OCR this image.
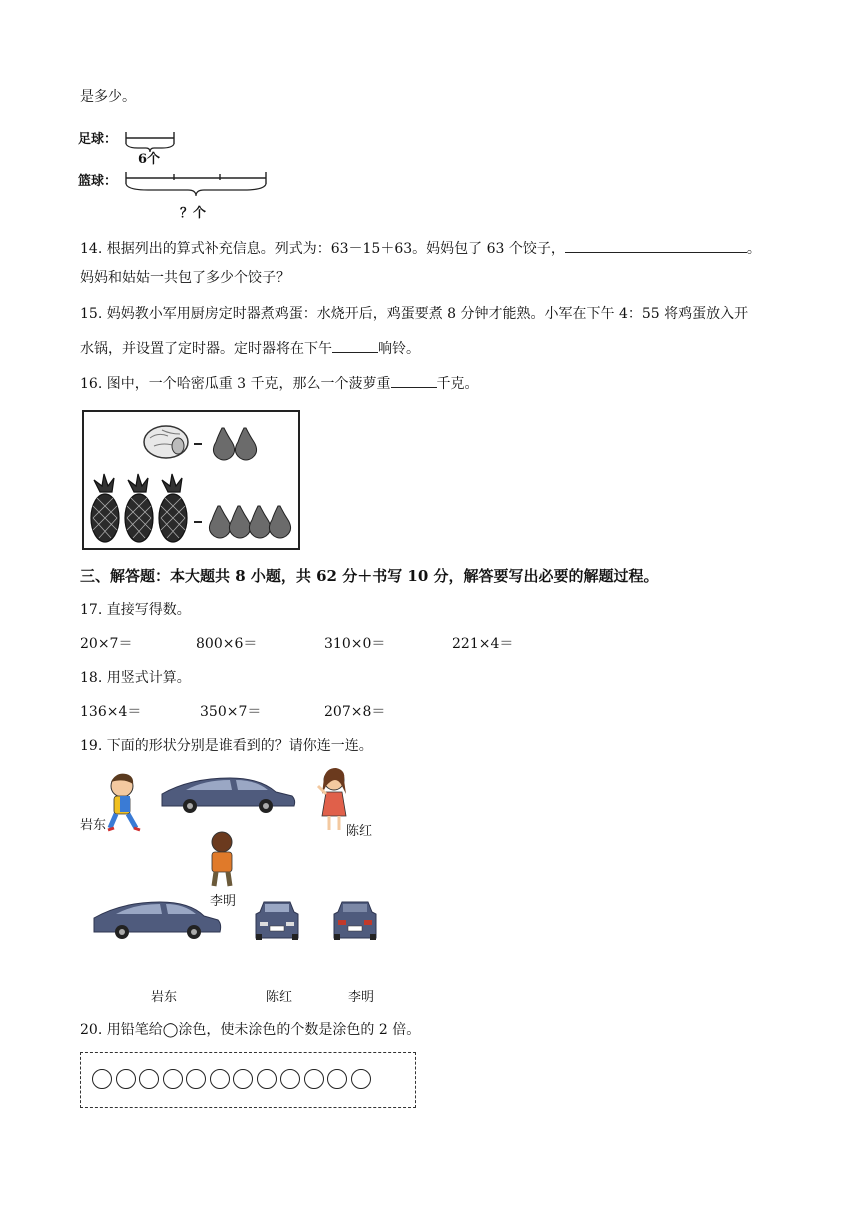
是多少。
足球：
6个
篮球：
？个
14. 根据列出的算式补充信息。列式为：63－15＋63。妈妈包了 63 个饺子，	。
妈妈和姑姑一共包了多少个饺子？
15. 妈妈教小军用厨房定时器煮鸡蛋：水烧开后，鸡蛋要煮 8 分钟才能熟。小军在下午 4：55 将鸡蛋放入开
水锅，并设置了定时器。定时器将在下午	响铃。
16. 图中，一个哈密瓜重 3 千克，那么一个菠萝重	千克。
三、解答题：本大题共 8 小题，共 62 分＋书写 10 分，解答要写出必要的解题过程。
17. 直接写得数。
20×7＝	800×6＝	310×0＝	221×4＝
18. 用竖式计算。
136×4＝	350×7＝	207×8＝
19. 下面的形状分别是谁看到的？请你连一连。
岩东	陈红
李明
岩东	陈红	李明
20. 用铅笔给◯涂色，使未涂色的个数是涂色的 2 倍。
